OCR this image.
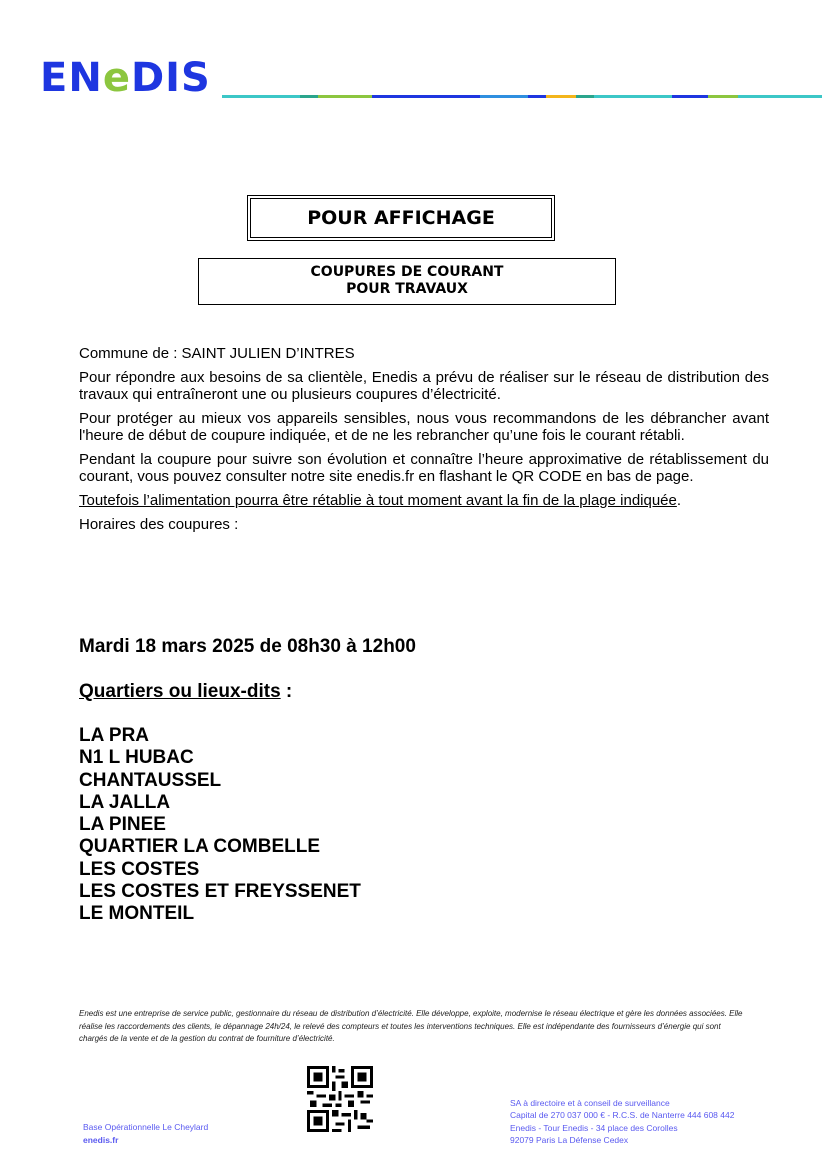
ENeDIS
POUR AFFICHAGE
COUPURES DE COURANT
POUR TRAVAUX

Commune de : SAINT JULIEN D’INTRES

Pour répondre aux besoins de sa clientèle, Enedis a prévu de réaliser sur le réseau de distribution des travaux qui entraîneront une ou plusieurs coupures d’électricité.

Pour protéger au mieux vos appareils sensibles, nous vous recommandons de les débrancher avant l'heure de début de coupure indiquée, et de ne les rebrancher qu’une fois le courant rétabli.

Pendant la coupure pour suivre son évolution et connaître l’heure approximative de rétablissement du courant, vous pouvez consulter notre site enedis.fr en flashant le QR CODE en bas de page.

Toutefois l’alimentation pourra être rétablie à tout moment avant la fin de la plage indiquée.

Horaires des coupures :

Mardi 18 mars 2025 de 08h30 à 12h00
Quartiers ou lieux-dits :
LA PRA
N1 L HUBAC
CHANTAUSSEL
LA JALLA
LA PINEE
QUARTIER LA COMBELLE
LES COSTES
LES COSTES ET FREYSSENET
LE MONTEIL
Enedis est une entreprise de service public, gestionnaire du réseau de distribution d’électricité. Elle développe, exploite, modernise le réseau électrique et gère les données associées. Elle réalise les raccordements des clients, le dépannage 24h/24, le relevé des compteurs et toutes les interventions techniques. Elle est indépendante des fournisseurs d’énergie qui sont chargés de la vente et de la gestion du contrat de fourniture d’électricité.
Base Opérationnelle Le Cheylard
enedis.fr
SA à directoire et à conseil de surveillance
Capital de 270 037 000 € - R.C.S. de Nanterre 444 608 442
Enedis - Tour Enedis - 34 place des Corolles
92079 Paris La Défense Cedex
